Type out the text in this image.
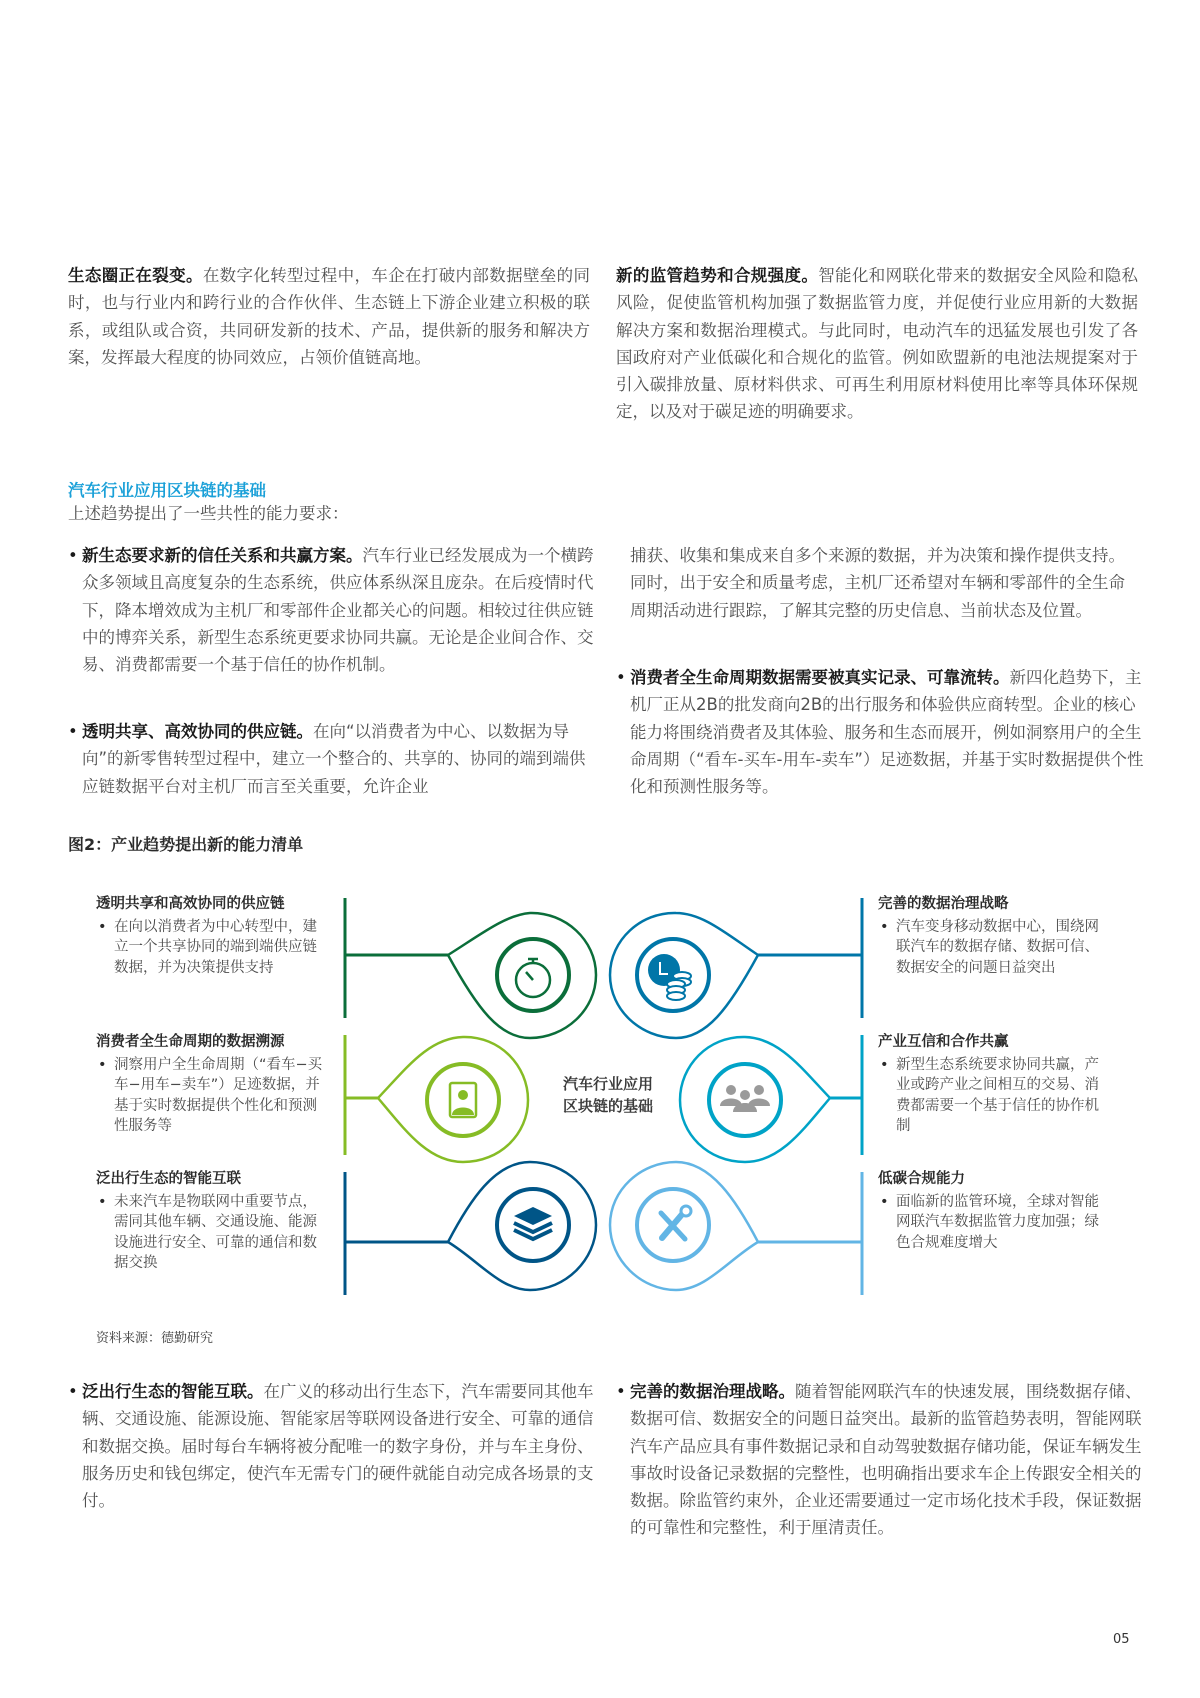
生态圈正在裂变。在数字化转型过程中，车企在打破内部数据壁垒的同时，也与行业内和跨行业的合作伙伴、生态链上下游企业建立积极的联系，或组队或合资，共同研发新的技术、产品，提供新的服务和解决方案，发挥最大程度的协同效应，占领价值链高地。
新的监管趋势和合规强度。智能化和网联化带来的数据安全风险和隐私风险，促使监管机构加强了数据监管力度，并促使行业应用新的大数据解决方案和数据治理模式。与此同时，电动汽车的迅猛发展也引发了各国政府对产业低碳化和合规化的监管。例如欧盟新的电池法规提案对于引入碳排放量、原材料供求、可再生利用原材料使用比率等具体环保规定，以及对于碳足迹的明确要求。
汽车行业应用区块链的基础
上述趋势提出了一些共性的能力要求：
• 新生态要求新的信任关系和共赢方案。汽车行业已经发展成为一个横跨众多领域且高度复杂的生态系统，供应体系纵深且庞杂。在后疫情时代下，降本增效成为主机厂和零部件企业都关心的问题。相较过往供应链中的博弈关系，新型生态系统更要求协同共赢。无论是企业间合作、交易、消费都需要一个基于信任的协作机制。
• 透明共享、高效协同的供应链。在向“以消费者为中心、以数据为导向”的新零售转型过程中，建立一个整合的、共享的、协同的端到端供应链数据平台对主机厂而言至关重要，允许企业
捕获、收集和集成来自多个来源的数据，并为决策和操作提供支持。同时，出于安全和质量考虑，主机厂还希望对车辆和零部件的全生命周期活动进行跟踪，了解其完整的历史信息、当前状态及位置。
• 消费者全生命周期数据需要被真实记录、可靠流转。新四化趋势下，主机厂正从2B的批发商向2B的出行服务和体验供应商转型。企业的核心能力将围绕消费者及其体验、服务和生态而展开，例如洞察用户的全生命周期（“看车-买车-用车-卖车”）足迹数据，并基于实时数据提供个性化和预测性服务等。
图2：产业趋势提出新的能力清单
透明共享和高效协同的供应链
• 在向以消费者为中心转型中，建立一个共享协同的端到端供应链数据，并为决策提供支持
消费者全生命周期的数据溯源
• 洞察用户全生命周期（“看车−买车−用车−卖车”）足迹数据，并基于实时数据提供个性化和预测性服务等
泛出行生态的智能互联
• 未来汽车是物联网中重要节点，需同其他车辆、交通设施、能源设施进行安全、可靠的通信和数据交换
完善的数据治理战略
• 汽车变身移动数据中心，围绕网联汽车的数据存储、数据可信、数据安全的问题日益突出
产业互信和合作共赢
• 新型生态系统要求协同共赢，产业或跨产业之间相互的交易、消费都需要一个基于信任的协作机制
低碳合规能力
• 面临新的监管环境，全球对智能网联汽车数据监管力度加强；绿色合规难度增大
汽车行业应用
区块链的基础
资料来源：德勤研究
• 泛出行生态的智能互联。在广义的移动出行生态下，汽车需要同其他车辆、交通设施、能源设施、智能家居等联网设备进行安全、可靠的通信和数据交换。届时每台车辆将被分配唯一的数字身份，并与车主身份、服务历史和钱包绑定，使汽车无需专门的硬件就能自动完成各场景的支付。
• 完善的数据治理战略。随着智能网联汽车的快速发展，围绕数据存储、数据可信、数据安全的问题日益突出。最新的监管趋势表明，智能网联汽车产品应具有事件数据记录和自动驾驶数据存储功能，保证车辆发生事故时设备记录数据的完整性，也明确指出要求车企上传跟安全相关的数据。除监管约束外，企业还需要通过一定市场化技术手段，保证数据的可靠性和完整性，利于厘清责任。
05
